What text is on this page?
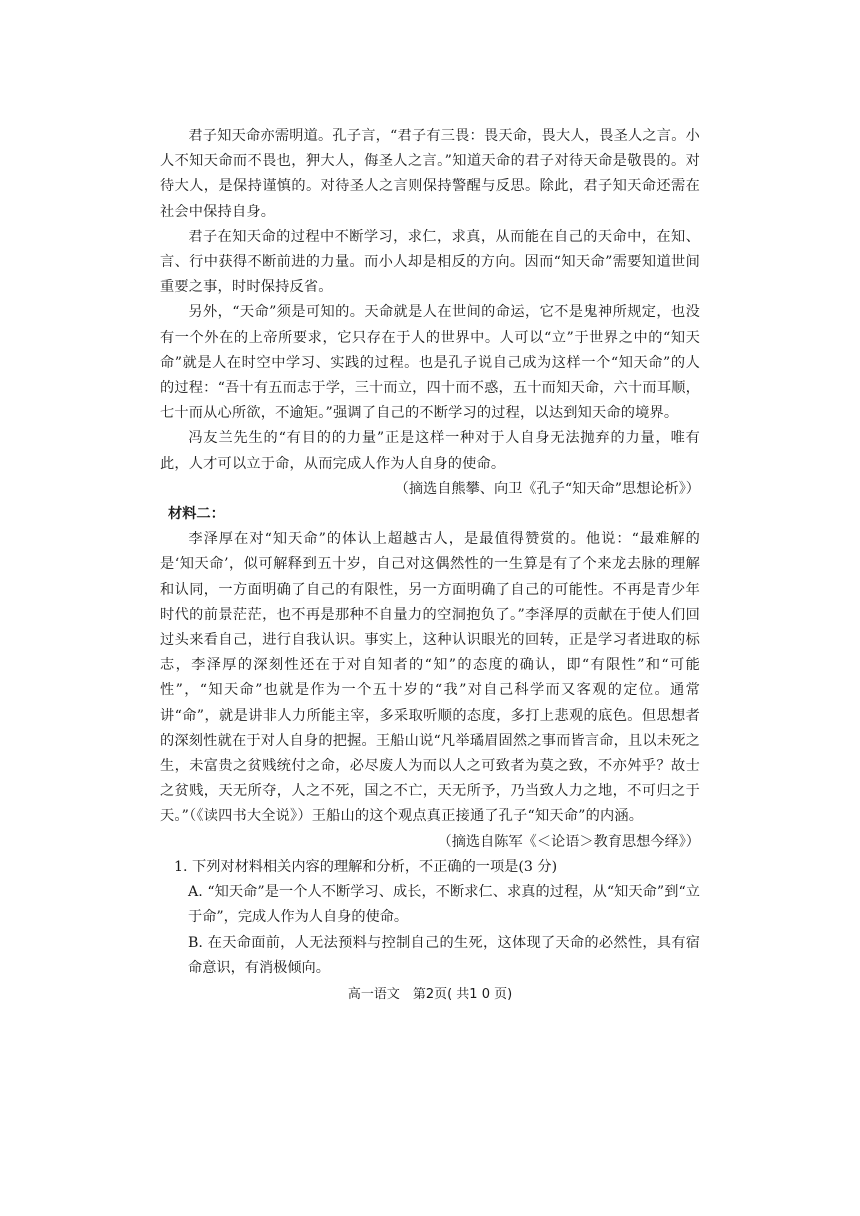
君子知天命亦需明道。孔子言，“君子有三畏：畏天命，畏大人，畏圣人之言。小人不知天命而不畏也，狎大人，侮圣人之言。”知道天命的君子对待天命是敬畏的。对待大人，是保持谨慎的。对待圣人之言则保持警醒与反思。除此，君子知天命还需在社会中保持自身。

君子在知天命的过程中不断学习，求仁，求真，从而能在自己的天命中，在知、言、行中获得不断前进的力量。而小人却是相反的方向。因而“知天命”需要知道世间重要之事，时时保持反省。

另外，“天命”须是可知的。天命就是人在世间的命运，它不是鬼神所规定，也没有一个外在的上帝所要求，它只存在于人的世界中。人可以“立”于世界之中的“知天命”就是人在时空中学习、实践的过程。也是孔子说自己成为这样一个“知天命”的人的过程：“吾十有五而志于学，三十而立，四十而不惑，五十而知天命，六十而耳顺，七十而从心所欲，不逾矩。”强调了自己的不断学习的过程，以达到知天命的境界。

冯友兰先生的“有目的的力量”正是这样一种对于人自身无法抛弃的力量，唯有此，人才可以立于命，从而完成人作为人自身的使命。

（摘选自熊攀、向卫《孔子“知天命”思想论析》）

材料二：

李泽厚在对“知天命”的体认上超越古人，是最值得赞赏的。他说：“最难解的是‘知天命’，似可解释到五十岁，自己对这偶然性的一生算是有了个来龙去脉的理解和认同，一方面明确了自己的有限性，另一方面明确了自己的可能性。不再是青少年时代的前景茫茫，也不再是那种不自量力的空洞抱负了。”李泽厚的贡献在于使人们回过头来看自己，进行自我认识。事实上，这种认识眼光的回转，正是学习者进取的标志，李泽厚的深刻性还在于对自知者的“知”的态度的确认，即“有限性”和“可能性”，“知天命”也就是作为一个五十岁的“我”对自己科学而又客观的定位。通常讲“命”，就是讲非人力所能主宰，多采取听顺的态度，多打上悲观的底色。但思想者的深刻性就在于对人自身的把握。王船山说“凡举璚眉固然之事而皆言命，且以未死之生，未富贵之贫贱统付之命，必尽废人为而以人之可致者为莫之致，不亦舛乎？故士之贫贱，天无所夺，人之不死，国之不亡，天无所予，乃当致人力之地，不可归之于天。”（《读四书大全说》）王船山的这个观点真正接通了孔子“知天命”的内涵。

（摘选自陈军《＜论语＞教育思想今绎》）

1. 下列对材料相关内容的理解和分析，不正确的一项是(3 分)

A. “知天命”是一个人不断学习、成长，不断求仁、求真的过程，从“知天命”到“立于命”，完成人作为人自身的使命。

B. 在天命面前，人无法预料与控制自己的生死，这体现了天命的必然性，具有宿命意识，有消极倾向。

高一语文　第2页( 共1 0 页)
